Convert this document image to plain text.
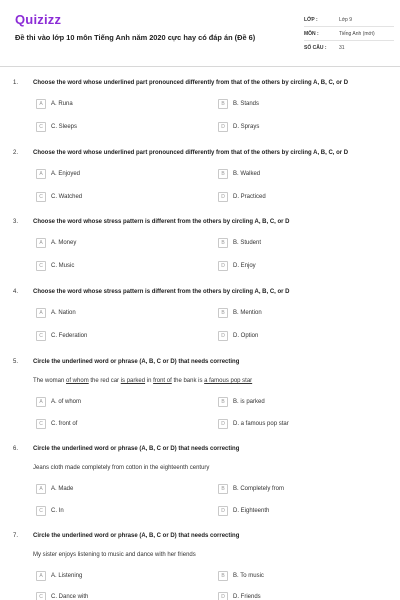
Quizizz
Đề thi vào lớp 10 môn Tiếng Anh năm 2020 cực hay có đáp án (Đề 6)
LỚP :	Lớp 9
MÔN :	Tiếng Anh (mới)
SỐ CÂU :	31
1. Choose the word whose underlined part pronounced differently from that of the others by circling A, B, C, or D
A	A. Runa	B	B. Stands
C	C. Sleeps	D	D. Sprays
2. Choose the word whose underlined part pronounced differently from that of the others by circling A, B, C, or D
A	A. Enjoyed	B	B. Walked
C	C. Watched	D	D. Practiced
3. Choose the word whose stress pattern is different from the others by circling A, B, C, or D
A	A. Money	B	B. Student
C	C. Music	D	D. Enjoy
4. Choose the word whose stress pattern is different from the others by circling A, B, C, or D
A	A. Nation	B	B. Mention
C	C. Federation	D	D. Option
5. Circle the underlined word or phrase (A, B, C or D) that needs correcting
The woman of whom the red car is parked in front of the bank is a famous pop star
A	A. of whom	B	B. is parked
C	C. front of	D	D. a famous pop star
6. Circle the underlined word or phrase (A, B, C or D) that needs correcting
Jeans cloth made completely from cotton in the eighteenth century
A	A. Made	B	B. Completely from
C	C. In	D	D. Eighteenth
7. Circle the underlined word or phrase (A, B, C or D) that needs correcting
My sister enjoys listening to music and dance with her friends
A	A. Listening	B	B. To music
C	C. Dance with	D	D. Friends
